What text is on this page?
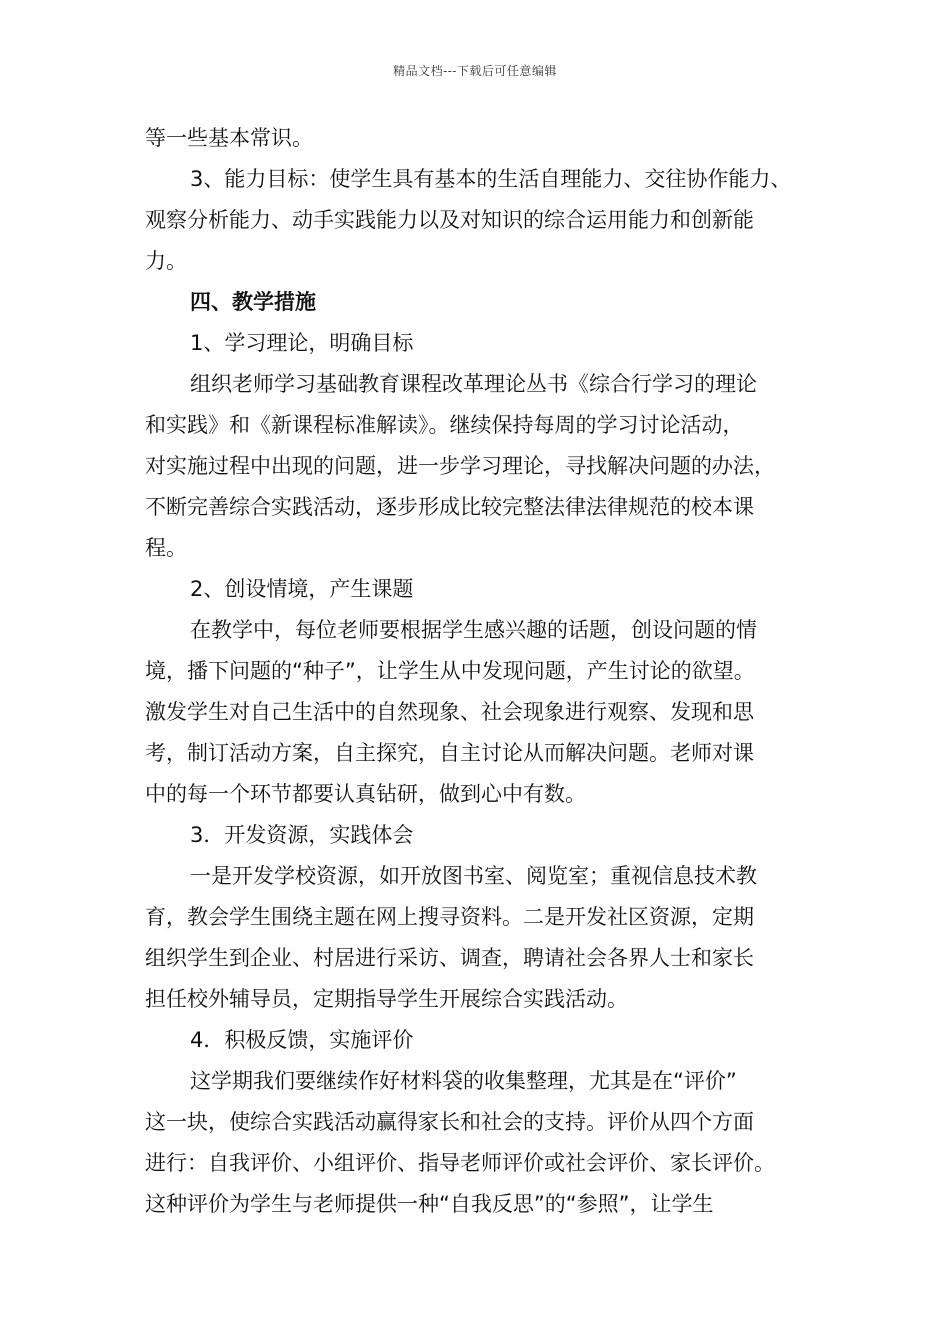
精品文档---下载后可任意编辑
等一些基本常识。
3、能力目标：使学生具有基本的生活自理能力、交往协作能力、
观察分析能力、动手实践能力以及对知识的综合运用能力和创新能
力。
四、教学措施
1、学习理论，明确目标
组织老师学习基础教育课程改革理论丛书《综合行学习的理论
和实践》和《新课程标准解读》。继续保持每周的学习讨论活动，
对实施过程中出现的问题，进一步学习理论，寻找解决问题的办法，
不断完善综合实践活动，逐步形成比较完整法律法律规范的校本课
程。
2、创设情境，产生课题
在教学中，每位老师要根据学生感兴趣的话题，创设问题的情
境，播下问题的“种子”，让学生从中发现问题，产生讨论的欲望。
激发学生对自己生活中的自然现象、社会现象进行观察、发现和思
考，制订活动方案，自主探究，自主讨论从而解决问题。老师对课
中的每一个环节都要认真钻研，做到心中有数。
3．开发资源，实践体会
一是开发学校资源，如开放图书室、阅览室；重视信息技术教
育，教会学生围绕主题在网上搜寻资料。二是开发社区资源，定期
组织学生到企业、村居进行采访、调查，聘请社会各界人士和家长
担任校外辅导员，定期指导学生开展综合实践活动。
4．积极反馈，实施评价
这学期我们要继续作好材料袋的收集整理，尤其是在“评价”
这一块，使综合实践活动赢得家长和社会的支持。评价从四个方面
进行：自我评价、小组评价、指导老师评价或社会评价、家长评价。
这种评价为学生与老师提供一种“自我反思”的“参照”，让学生
